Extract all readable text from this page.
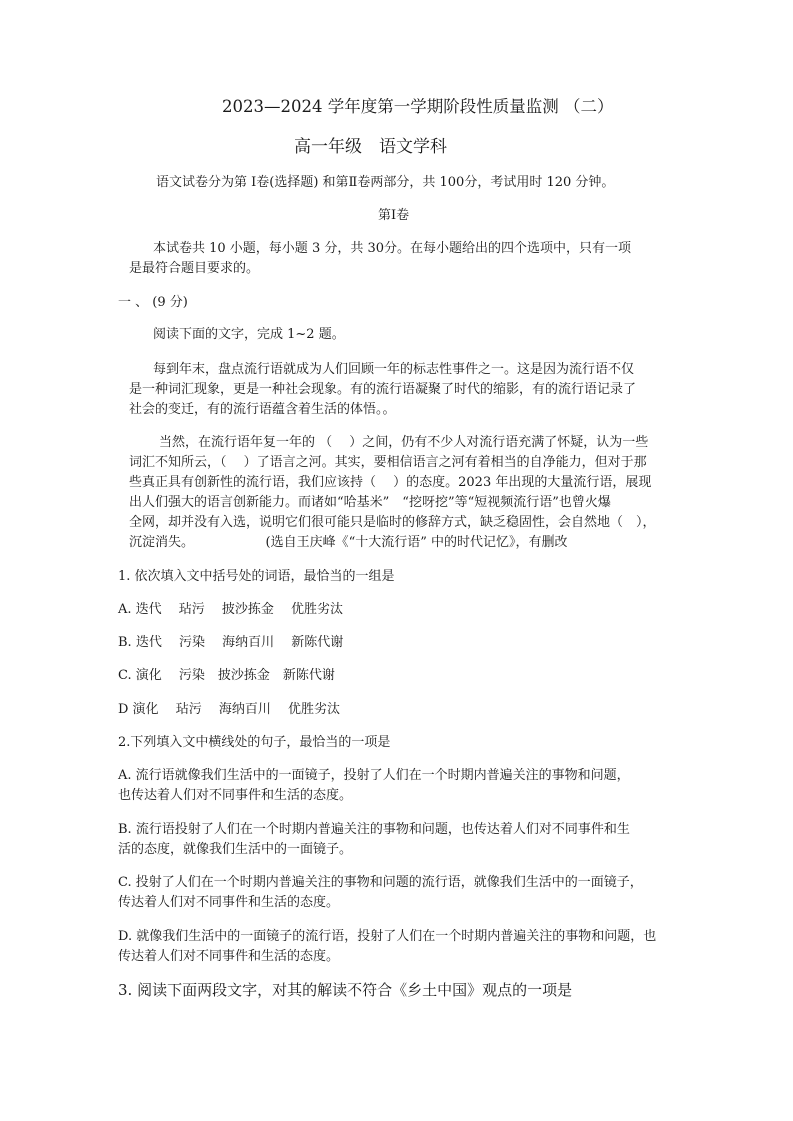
2023—2024 学年度第一学期阶段性质量监测 （二）
高一年级　语文学科
语文试卷分为第 Ⅰ卷(选择题) 和第Ⅱ卷两部分，共 100分，考试用时 120 分钟。
第Ⅰ卷
本试卷共 10 小题，每小题 3 分，共 30分。在每小题给出的四个选项中，只有一项
是最符合题目要求的。
一 、 (9 分)
阅读下面的文字，完成 1~2 题。
每到年末，盘点流行语就成为人们回顾一年的标志性事件之一。这是因为流行语不仅
是一种词汇现象，更是一种社会现象。有的流行语凝聚了时代的缩影，有的流行语记录了
社会的变迁，有的流行语蕴含着生活的体悟。。
当然，在流行语年复一年的 （　 ）之间，仍有不少人对流行语充满了怀疑，认为一些
词汇不知所云，（　 ）了语言之河。其实，要相信语言之河有着相当的自净能力，但对于那
些真正具有创新性的流行语，我们应该持（　 ）的态度。2023 年出现的大量流行语，展现
出人们强大的语言创新能力。而诸如“哈基米”　“挖呀挖”等“短视频流行语”也曾火爆
全网，却并没有入选，说明它们很可能只是临时的修辞方式，缺乏稳固性，会自然地（　），
沉淀消失。　　　　　　(选自王庆峰《“十大流行语” 中的时代记忆》，有删改
1. 依次填入文中括号处的词语，最恰当的一组是
A. 迭代　 玷污　 披沙拣金　 优胜劣汰
B. 迭代　 污染　 海纳百川　 新陈代谢
C. 演化　 污染　披沙拣金　新陈代谢
D 演化　 玷污　 海纳百川　 优胜劣汰
2.下列填入文中横线处的句子，最恰当的一项是
A. 流行语就像我们生活中的一面镜子，投射了人们在一个时期内普遍关注的事物和问题，
也传达着人们对不同事件和生活的态度。
B. 流行语投射了人们在一个时期内普遍关注的事物和问题，也传达着人们对不同事件和生
活的态度，就像我们生活中的一面镜子。
C. 投射了人们在一个时期内普遍关注的事物和问题的流行语，就像我们生活中的一面镜子，
传达着人们对不同事件和生活的态度。
D. 就像我们生活中的一面镜子的流行语，投射了人们在一个时期内普遍关注的事物和问题，也
传达着人们对不同事件和生活的态度。
3. 阅读下面两段文字，对其的解读不符合《乡土中国》观点的一项是
